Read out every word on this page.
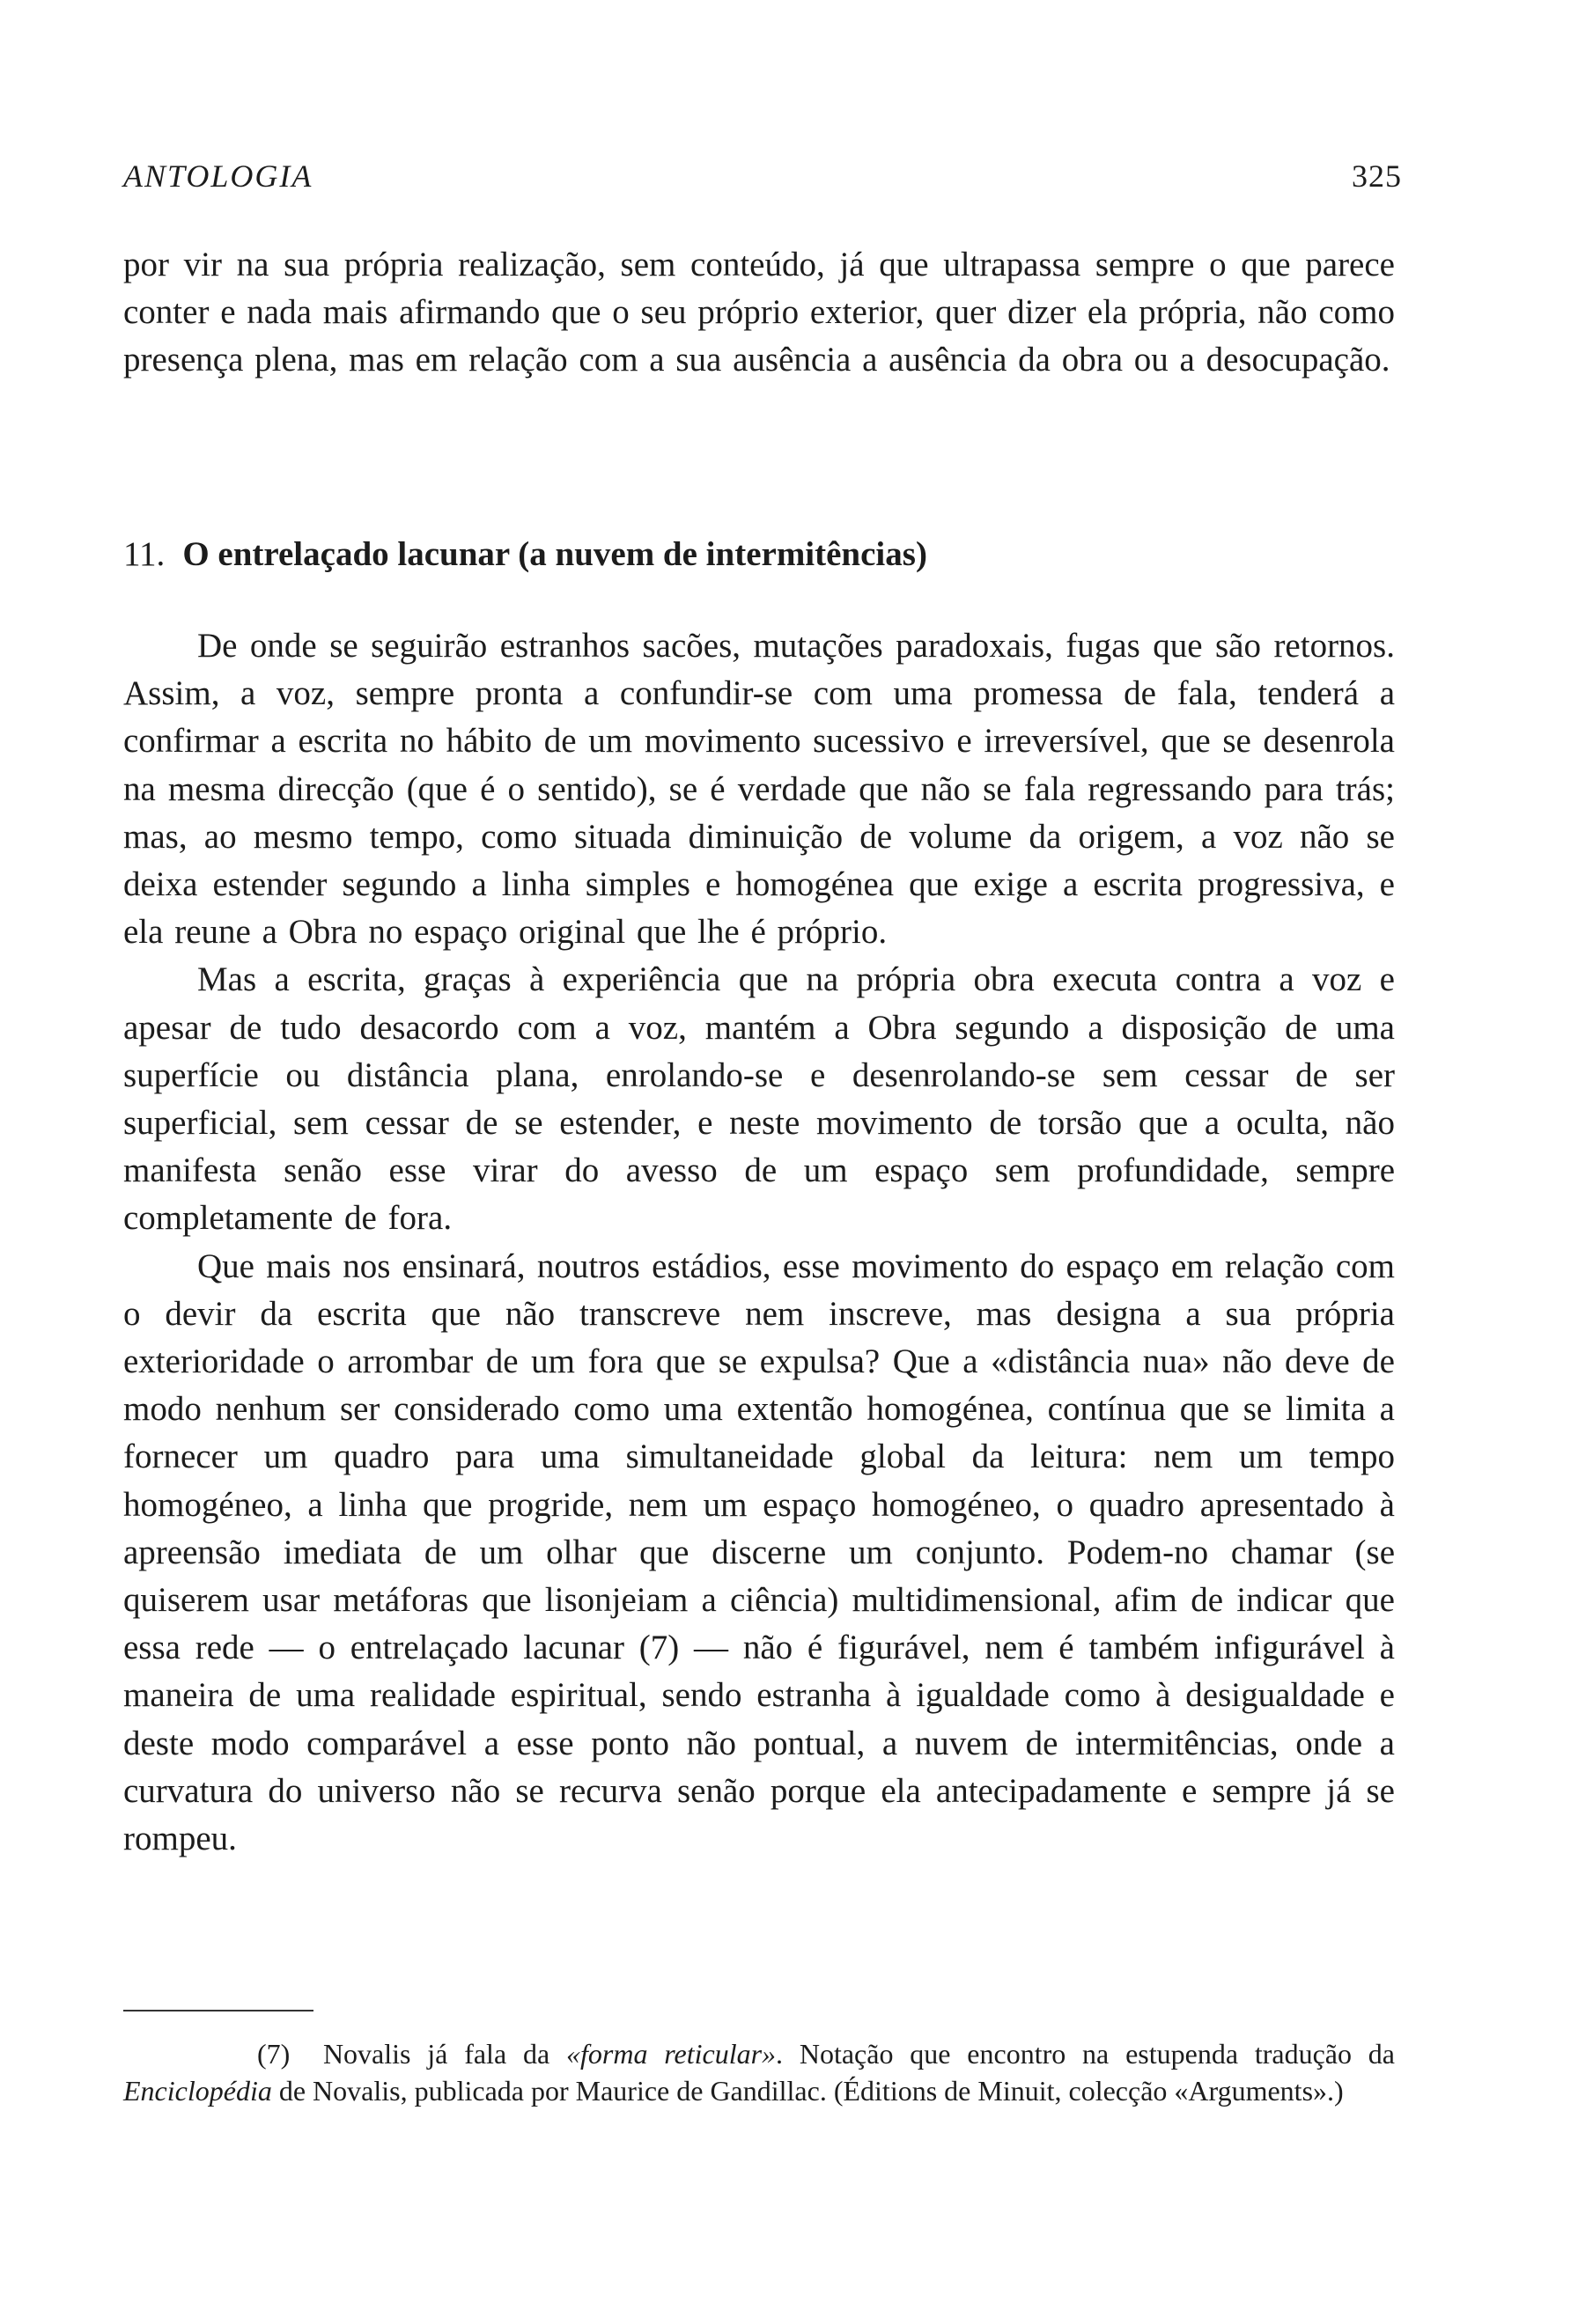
ANTOLOGIA	325

por vir na sua própria realização, sem conteúdo, já que ultrapassa sempre o que parece conter e nada mais afirmando que o seu próprio exterior, quer dizer ela própria, não como presença plena, mas em relação com a sua ausência a ausência da obra ou a desocupação.

11. O entrelaçado lacunar (a nuvem de intermitências)

De onde se seguirão estranhos sacões, mutações paradoxais, fugas que são retornos. Assim, a voz, sempre pronta a confundir-se com uma promessa de fala, tenderá a confirmar a escrita no hábito de um movimento sucessivo e irreversível, que se desenrola na mesma direcção (que é o sentido), se é verdade que não se fala regressando para trás; mas, ao mesmo tempo, como situada diminuição de volume da origem, a voz não se deixa estender segundo a linha simples e homogénea que exige a escrita progressiva, e ela reune a Obra no espaço original que lhe é próprio.

Mas a escrita, graças à experiência que na própria obra executa contra a voz e apesar de tudo desacordo com a voz, mantém a Obra segundo a disposição de uma superfície ou distância plana, enrolando-se e desenrolando-se sem cessar de ser superficial, sem cessar de se estender, e neste movimento de torsão que a oculta, não manifesta senão esse virar do avesso de um espaço sem profundidade, sempre completamente de fora.

Que mais nos ensinará, noutros estádios, esse movimento do espaço em relação com o devir da escrita que não transcreve nem inscreve, mas designa a sua própria exterioridade o arrombar de um fora que se expulsa? Que a «distância nua» não deve de modo nenhum ser considerado como uma extentão homogénea, contínua que se limita a fornecer um quadro para uma simultaneidade global da leitura: nem um tempo homogéneo, a linha que progride, nem um espaço homogéneo, o quadro apresentado à apreensão imediata de um olhar que discerne um conjunto. Podem-no chamar (se quiserem usar metáforas que lisonjeiam a ciência) multidimensional, afim de indicar que essa rede — o entrelaçado lacunar (7) — não é figurável, nem é também infigurável à maneira de uma realidade espiritual, sendo estranha à igualdade como à desigualdade e deste modo comparável a esse ponto não pontual, a nuvem de intermitências, onde a curvatura do universo não se recurva senão porque ela antecipadamente e sempre já se rompeu.

(7) Novalis já fala da «forma reticular». Notação que encontro na estupenda tradução da Enciclopédia de Novalis, publicada por Maurice de Gandillac. (Éditions de Minuit, colecção «Arguments».)
